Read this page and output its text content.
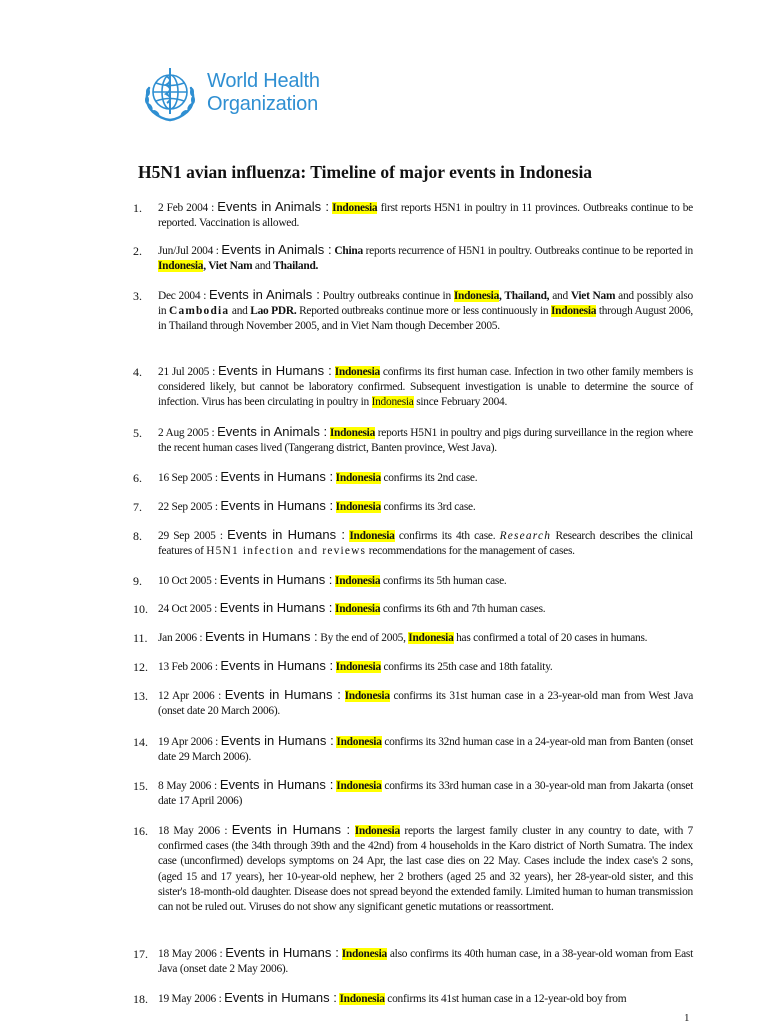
World Health
Organization
H5N1 avian influenza: Timeline of major events in Indonesia
1.	2 Feb 2004 : Events in Animals : Indonesia first reports H5N1 in poultry in 11 provinces. Outbreaks continue to be reported. Vaccination is allowed.
2.	Jun/Jul 2004 : Events in Animals : China reports recurrence of H5N1 in poultry. Outbreaks continue to be reported in Indonesia, Viet Nam and Thailand.
3.	Dec 2004 : Events in Animals : Poultry outbreaks continue in Indonesia, Thailand, and Viet Nam and possibly also in Cambodia and Lao PDR. Reported outbreaks continue more or less continuously in Indonesia through August 2006, in Thailand through November 2005, and in Viet Nam though December 2005.
4.	21 Jul 2005 : Events in Humans : Indonesia confirms its first human case. Infection in two other family members is considered likely, but cannot be laboratory confirmed. Subsequent investigation is unable to determine the source of infection. Virus has been circulating in poultry in Indonesia since February 2004.
5.	2 Aug 2005 : Events in Animals : Indonesia reports H5N1 in poultry and pigs during surveillance in the region where the recent human cases lived (Tangerang district, Banten province, West Java).
6.	16 Sep 2005 : Events in Humans : Indonesia confirms its 2nd case.
7.	22 Sep 2005 : Events in Humans : Indonesia confirms its 3rd case.
8.	29 Sep 2005 : Events in Humans : Indonesia confirms its 4th case. Research Research describes the clinical features of H5N1 infection and reviews recommendations for the management of cases.
9.	10 Oct 2005 : Events in Humans : Indonesia confirms its 5th human case.
10. 24 Oct 2005 : Events in Humans : Indonesia confirms its 6th and 7th human cases.
11. Jan 2006 : Events in Humans : By the end of 2005, Indonesia has confirmed a total of 20 cases in humans.
12. 13 Feb 2006 : Events in Humans : Indonesia confirms its 25th case and 18th fatality.
13. 12 Apr 2006 : Events in Humans : Indonesia confirms its 31st human case in a 23-year-old man from West Java (onset date 20 March 2006).
14. 19 Apr 2006 : Events in Humans : Indonesia confirms its 32nd human case in a 24-year-old man from Banten (onset date 29 March 2006).
15. 8 May 2006 : Events in Humans : Indonesia confirms its 33rd human case in a 30-year-old man from Jakarta (onset date 17 April 2006)
16. 18 May 2006 : Events in Humans : Indonesia reports the largest family cluster in any country to date, with 7 confirmed cases (the 34th through 39th and the 42nd) from 4 households in the Karo district of North Sumatra. The index case (unconfirmed) develops symptoms on 24 Apr, the last case dies on 22 May. Cases include the index case's 2 sons, (aged 15 and 17 years), her 10-year-old nephew, her 2 brothers (aged 25 and 32 years), her 28-year-old sister, and this sister's 18-month-old daughter. Disease does not spread beyond the extended family. Limited human to human transmission can not be ruled out. Viruses do not show any significant genetic mutations or reassortment.
17. 18 May 2006 : Events in Humans : Indonesia also confirms its 40th human case, in a 38-year-old woman from East Java (onset date 2 May 2006).
18. 19 May 2006 : Events in Humans : Indonesia confirms its 41st human case in a 12-year-old boy from
1
